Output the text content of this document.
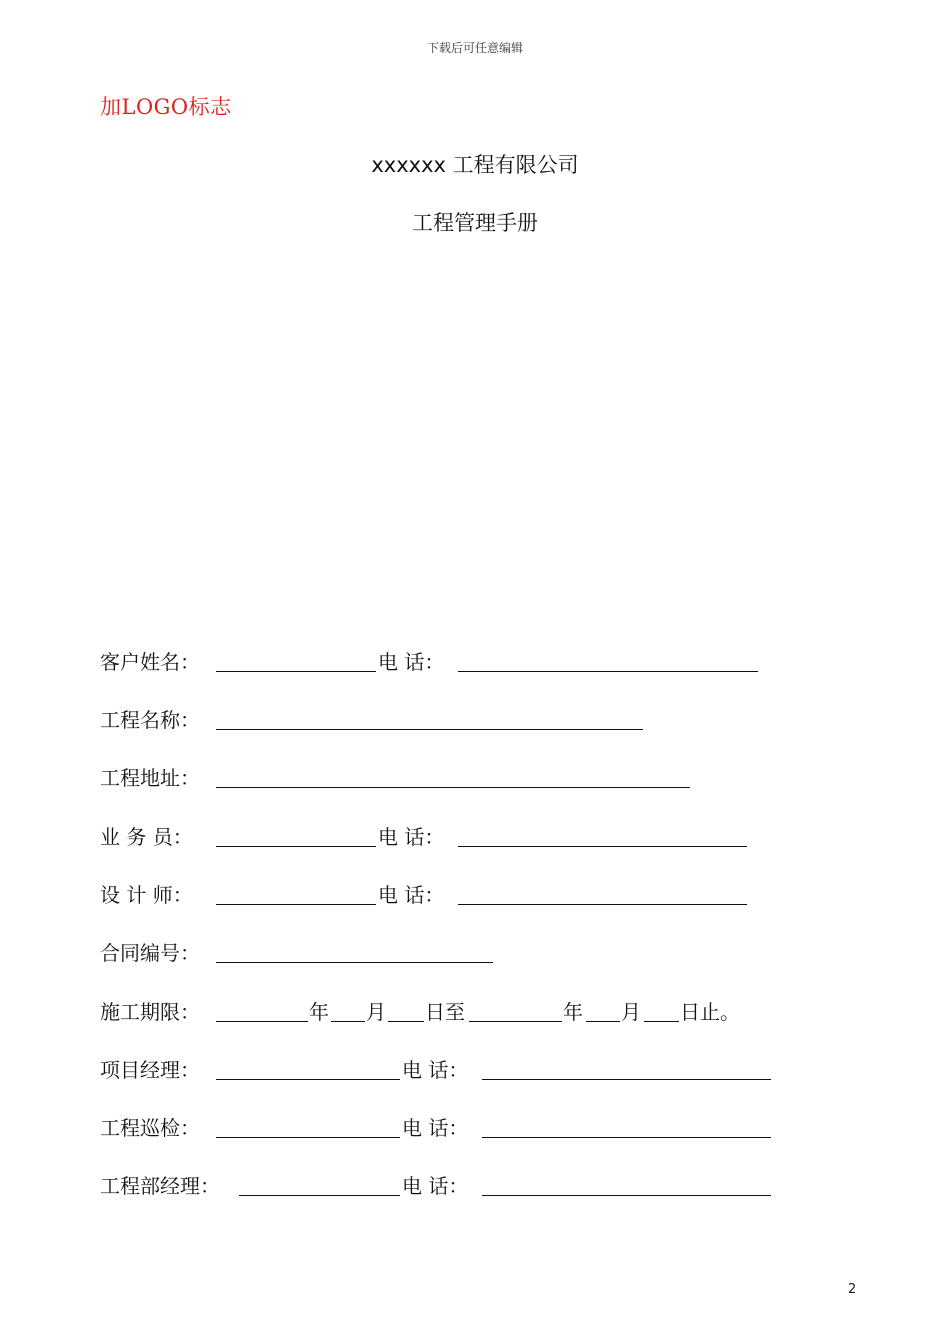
下载后可任意编辑
加LOGO标志
xxxxxx 工程有限公司
工程管理手册
客户姓名：	电 话：
工程名称：
工程地址：
业 务 员：	电 话：
设 计 师：	电 话：
合同编号：
施工期限：	年 月 日至	年 月 日止。
项目经理：	电 话：
工程巡检：	电 话：
工程部经理：	电 话：
2
